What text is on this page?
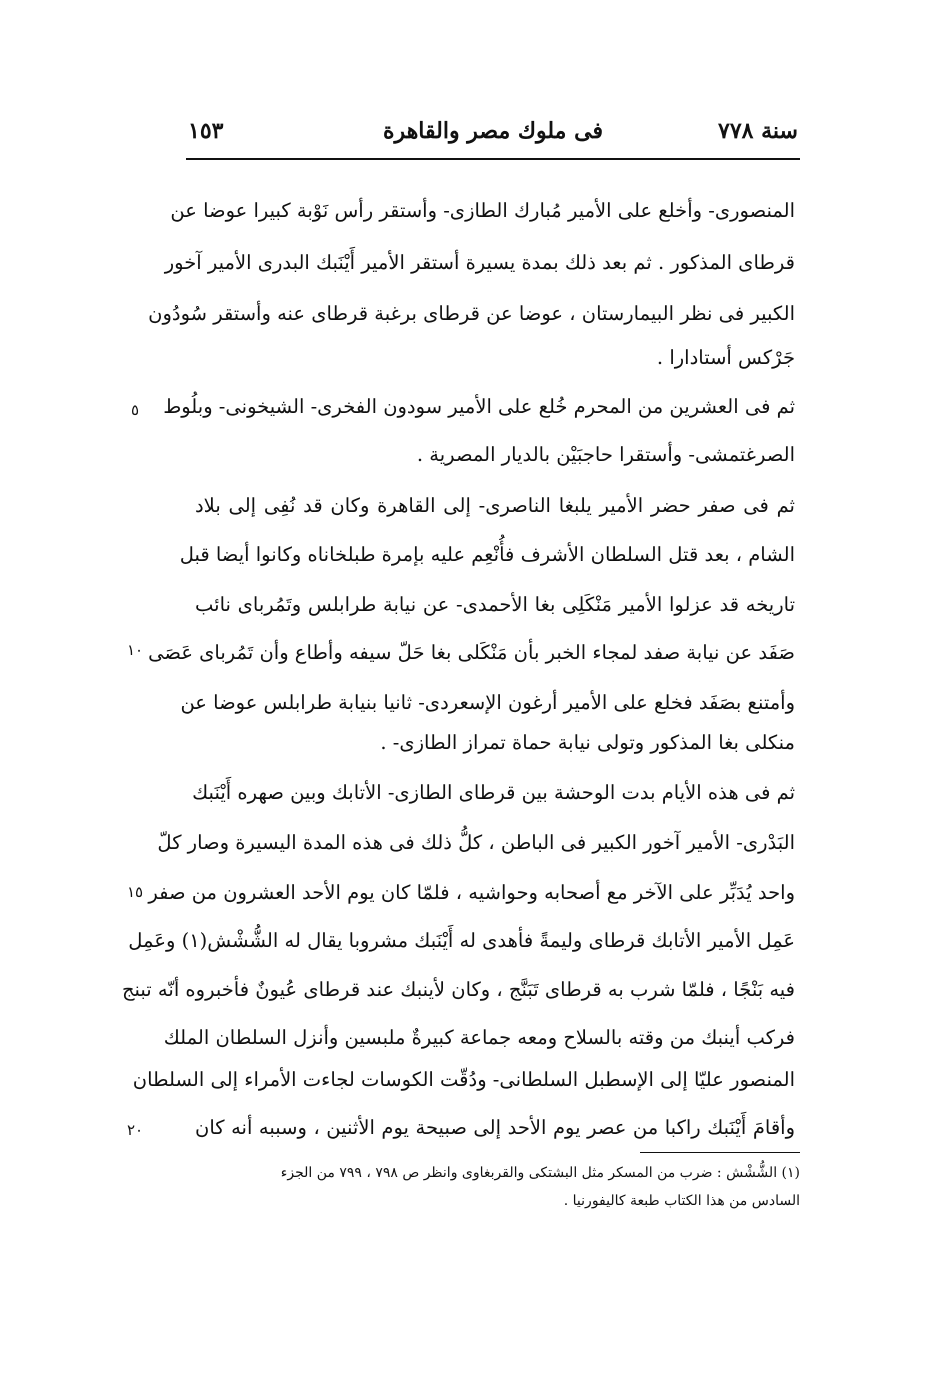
سنة ٧٧٨
فى ملوك مصر والقاهرة
١٥٣
المنصورى- وأخلع على الأمير مُبارك الطازى- وأستقر رأس نَوْبة كبيرا عوضا عن
قرطاى المذكور . ثم بعد ذلك بمدة يسيرة أستقر الأمير أَيْنَبك البدرى الأمير آخور
الكبير فى نظر البيمارستان ، عوضا عن قرطاى برغبة قرطاى عنه وأستقر سُودُون
جَرْكس أستادارا .
ثم فى العشرين من المحرم خُلع على الأمير سودون الفخرى- الشيخونى- وبلُوط
الصرغتمشى- وأستقرا حاجبَيْن بالديار المصرية .
ثم فى صفر حضر الأمير يلبغا الناصرى- إلى القاهرة وكان قد نُفِى إلى بلاد
الشام ، بعد قتل السلطان الأشرف فأُنْعِم عليه بإمرة طبلخاناه وكانوا أيضا قبل
تاريخه قد عزلوا الأمير مَنْكَلِى بغا الأحمدى- عن نيابة طرابلس وتَمُرباى نائب
صَفَد عن نيابة صفد لمجاء الخبر بأن مَنْكَلى بغا حَلّ سيفه وأطاع وأن تَمُرباى عَصَى
وأمتنع بصَفَد فخلع على الأمير أرغون الإسعردى- ثانيا بنيابة طرابلس عوضا عن
منكلى بغا المذكور وتولى نيابة حماة تمراز الطازى- .
ثم فى هذه الأيام بدت الوحشة بين قرطاى الطازى- الأتابك وبين صهره أَيْنَبك
البَدْرى- الأمير آخور الكبير فى الباطن ، كلُّ ذلك فى هذه المدة اليسيرة وصار كلّ
واحد يُدَبِّر على الآخر مع أصحابه وحواشيه ، فلمّا كان يوم الأحد العشرون من صفر
عَمِل الأمير الأتابك قرطاى وليمةً فأهدى له أَيْنَبك مشروبا يقال له الشُّشْش(١) وعَمِل
فيه بَنْجًا ، فلمّا شرب به قرطاى تَبَنَّج ، وكان لأينبك عند قرطاى عُيونٌ فأخبروه أنّه تبنج
فركب أينبك من وقته بالسلاح ومعه جماعة كبيرةٌ ملبسين وأنزل السلطان الملك
المنصور عليّا إلى الإسطبل السلطانى- ودُقّت الكوسات لجاءت الأمراء إلى السلطان
وأقامَ أَيْنَبك راكبا من عصر يوم الأحد إلى صبيحة يوم الأثنين ، وسببه أنه كان
٥
١٠
١٥
٢٠
(١) الشُّشْش : ضرب من المسكر مثل البشتكى والقربغاوى وانظر ص ٧٩٨ ، ٧٩٩ من الجزء
السادس من هذا الكتاب طبعة كاليفورنيا .
